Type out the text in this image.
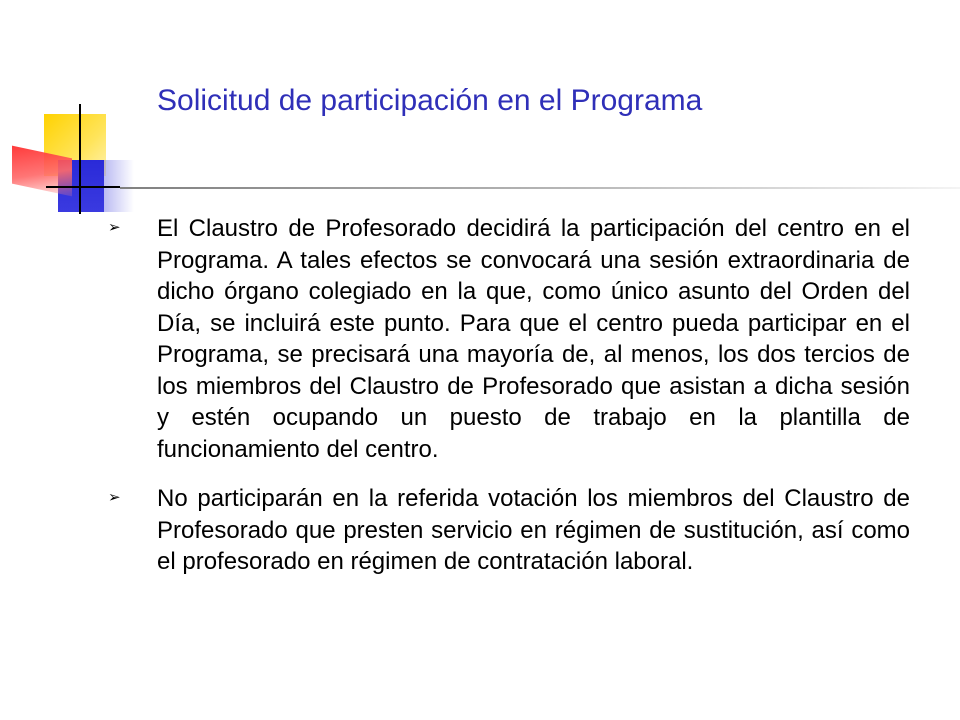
Solicitud de participación en el Programa

➢ El Claustro de Profesorado decidirá la participación del centro en el Programa. A tales efectos se convocará una sesión extraordinaria de dicho órgano colegiado en la que, como único asunto del Orden del Día, se incluirá este punto. Para que el centro pueda participar en el Programa, se precisará una mayoría de, al menos, los dos tercios de los miembros del Claustro de Profesorado que asistan a dicha sesión y estén ocupando un puesto de trabajo en la plantilla de funcionamiento del centro.

➢ No participarán en la referida votación los miembros del Claustro de Profesorado que presten servicio en régimen de sustitución, así como el profesorado en régimen de contratación laboral.
